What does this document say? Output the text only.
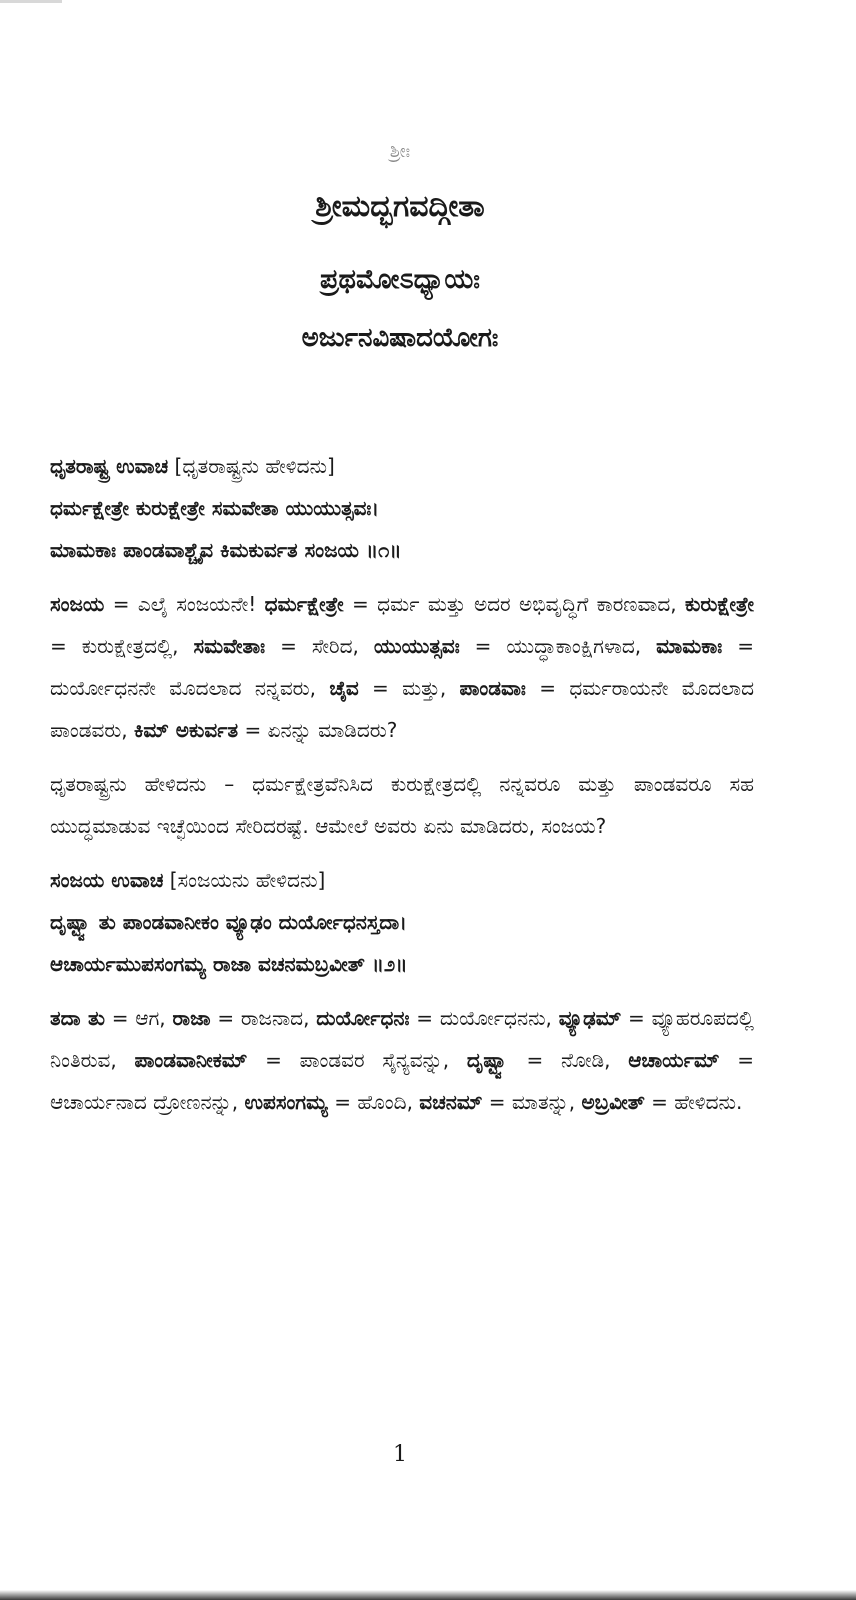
ಶ್ರೀಃ

ಶ್ರೀಮದ್ಭಗವದ್ಗೀತಾ

ಪ್ರಥಮೋಽಧ್ಯಾಯಃ

ಅರ್ಜುನವಿಷಾದಯೋಗಃ

ಧೃತರಾಷ್ಟ್ರ ಉವಾಚ [ಧೃತರಾಷ್ಟ್ರನು ಹೇಳಿದನು]

ಧರ್ಮಕ್ಷೇತ್ರೇ ಕುರುಕ್ಷೇತ್ರೇ ಸಮವೇತಾ ಯುಯುತ್ಸವಃ।

ಮಾಮಕಾಃ ಪಾಂಡವಾಶ್ಚೈವ ಕಿಮಕುರ್ವತ ಸಂಜಯ ॥೧॥

ಸಂಜಯ = ಎಲೈ ಸಂಜಯನೇ! ಧರ್ಮಕ್ಷೇತ್ರೇ = ಧರ್ಮ ಮತ್ತು ಅದರ ಅಭಿವೃದ್ಧಿಗೆ ಕಾರಣವಾದ, ಕುರುಕ್ಷೇತ್ರೇ = ಕುರುಕ್ಷೇತ್ರದಲ್ಲಿ, ಸಮವೇತಾಃ = ಸೇರಿದ, ಯುಯುತ್ಸವಃ = ಯುದ್ಧಾಕಾಂಕ್ಷಿಗಳಾದ, ಮಾಮಕಾಃ = ದುರ್ಯೋಧನನೇ ಮೊದಲಾದ ನನ್ನವರು, ಚೈವ = ಮತ್ತು, ಪಾಂಡವಾಃ = ಧರ್ಮರಾಯನೇ ಮೊದಲಾದ ಪಾಂಡವರು, ಕಿಮ್ ಅಕುರ್ವತ = ಏನನ್ನು ಮಾಡಿದರು?

ಧೃತರಾಷ್ಟ್ರನು ಹೇಳಿದನು – ಧರ್ಮಕ್ಷೇತ್ರವೆನಿಸಿದ ಕುರುಕ್ಷೇತ್ರದಲ್ಲಿ ನನ್ನವರೂ ಮತ್ತು ಪಾಂಡವರೂ ಸಹ ಯುದ್ಧಮಾಡುವ ಇಚ್ಛೆಯಿಂದ ಸೇರಿದರಷ್ಟೆ. ಆಮೇಲೆ ಅವರು ಏನು ಮಾಡಿದರು, ಸಂಜಯ?

ಸಂಜಯ ಉವಾಚ [ಸಂಜಯನು ಹೇಳಿದನು]

ದೃಷ್ಟ್ವಾ ತು ಪಾಂಡವಾನೀಕಂ ವ್ಯೂಢಂ ದುರ್ಯೋಧನಸ್ತದಾ।

ಆಚಾರ್ಯಮುಪಸಂಗಮ್ಯ ರಾಜಾ ವಚನಮಬ್ರವೀತ್ ॥೨॥

ತದಾ ತು = ಆಗ, ರಾಜಾ = ರಾಜನಾದ, ದುರ್ಯೋಧನಃ = ದುರ್ಯೋಧನನು, ವ್ಯೂಢಮ್ = ವ್ಯೂಹರೂಪದಲ್ಲಿ ನಿಂತಿರುವ, ಪಾಂಡವಾನೀಕಮ್ = ಪಾಂಡವರ ಸೈನ್ಯವನ್ನು, ದೃಷ್ಟ್ವಾ = ನೋಡಿ, ಆಚಾರ್ಯಮ್ = ಆಚಾರ್ಯನಾದ ದ್ರೋಣನನ್ನು, ಉಪಸಂಗಮ್ಯ = ಹೊಂದಿ, ವಚನಮ್ = ಮಾತನ್ನು, ಅಬ್ರವೀತ್ = ಹೇಳಿದನು.

1
